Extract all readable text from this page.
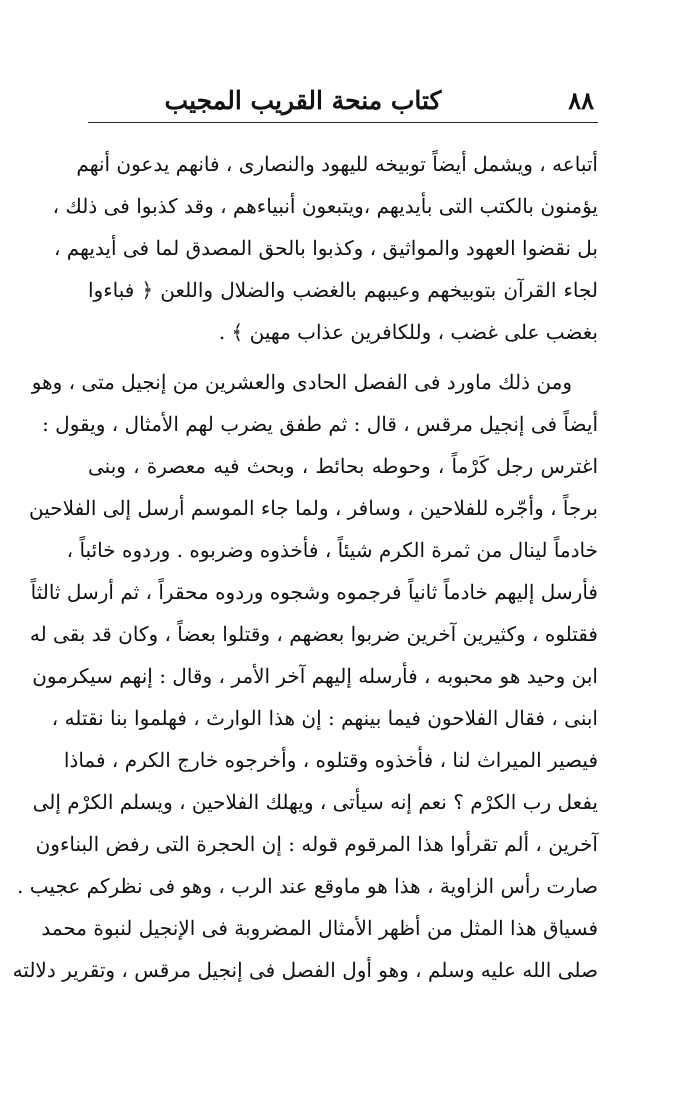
٨٨
كتاب منحة القريب المجيب
أتباعه ، ويشمل أيضاً توبيخه لليهود والنصارى ، فانهم يدعون أنهم
يؤمنون بالكتب التى بأيديهم ،ويتبعون أنبياءهم ، وقد كذبوا فى ذلك ،
بل نقضوا العهود والمواثيق ، وكذبوا بالحق المصدق لما فى أيديهم ،
لجاء القرآن بتوبيخهم وعيبهم بالغضب والضلال واللعن ﴿ فباءوا
بغضب على غضب ، وللكافرين عذاب مهين ﴾ .
ومن ذلك ماورد فى الفصل الحادى والعشرين من إنجيل متى ، وهو
أيضاً فى إنجيل مرقس ، قال : ثم طفق يضرب لهم الأمثال ، ويقول :
اغترس رجل كَرْماً ، وحوطه بحائط ، وبحث فيه معصرة ، وبنى
برجاً ، وأجّره للفلاحين ، وسافر ، ولما جاء الموسم أرسل إلى الفلاحين
خادماً لينال من ثمرة الكرم شيئاً ، فأخذوه وضربوه . وردوه خائباً ،
فأرسل إليهم خادماً ثانياً فرجموه وشجوه وردوه محقراً ، ثم أرسل ثالثاً
فقتلوه ، وكثيرين آخرين ضربوا بعضهم ، وقتلوا بعضاً ، وكان قد بقى له
ابن وحيد هو محبوبه ، فأرسله إليهم آخر الأمر ، وقال : إنهم سيكرمون
ابنى ، فقال الفلاحون فيما بينهم : إن هذا الوارث ، فهلموا بنا نقتله ،
فيصير الميراث لنا ، فأخذوه وقتلوه ، وأخرجوه خارج الكرم ، فماذا
يفعل رب الكرْم ؟ نعم إنه سيأتى ، ويهلك الفلاحين ، ويسلم الكرْم إلى
آخرين ، ألم تقرأوا هذا المرقوم قوله : إن الحجرة التى رفض البناءون
صارت رأس الزاوية ، هذا هو ماوقع عند الرب ، وهو فى نظركم عجيب .
فسياق هذا المثل من أظهر الأمثال المضروبة فى الإنجيل لنبوة محمد
صلى الله عليه وسلم ، وهو أول الفصل فى إنجيل مرقس ، وتقرير دلالته
